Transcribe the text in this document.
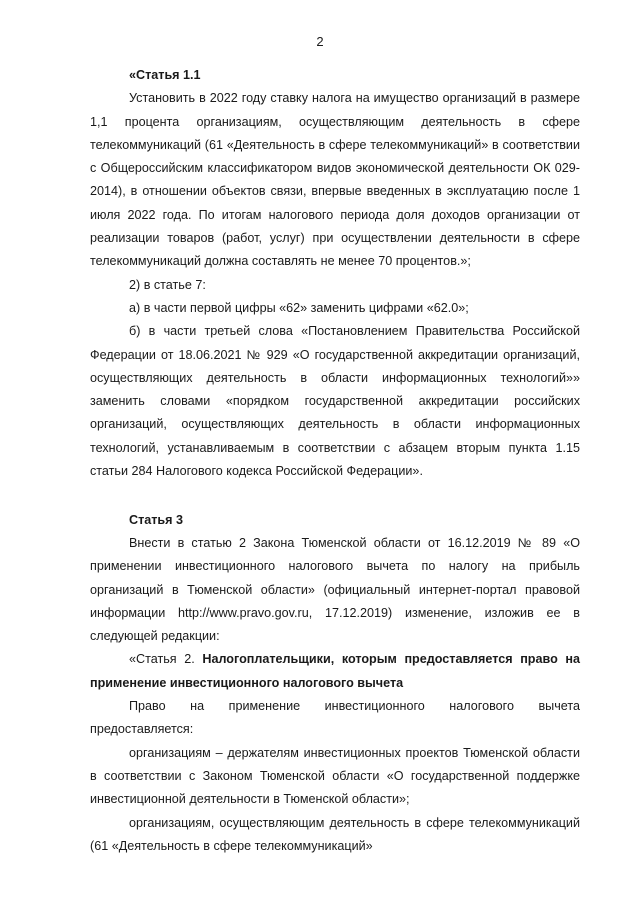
2

«Статья 1.1

Установить в 2022 году ставку налога на имущество организаций в размере 1,1 процента организациям, осуществляющим деятельность в сфере телекоммуникаций (61 «Деятельность в сфере телекоммуникаций» в соответствии с Общероссийским классификатором видов экономической деятельности ОК 029-2014), в отношении объектов связи, впервые введенных в эксплуатацию после 1 июля 2022 года. По итогам налогового периода доля доходов организации от реализации товаров (работ, услуг) при осуществлении деятельности в сфере телекоммуникаций должна составлять не менее 70 процентов.»;

2) в статье 7:

а) в части первой цифры «62» заменить цифрами «62.0»;

б) в части третьей слова «Постановлением Правительства Российской Федерации от 18.06.2021 № 929 «О государственной аккредитации организаций, осуществляющих деятельность в области информационных технологий»» заменить словами «порядком государственной аккредитации российских организаций, осуществляющих деятельность в области информационных технологий, устанавливаемым в соответствии с абзацем вторым пункта 1.15 статьи 284 Налогового кодекса Российской Федерации».

Статья 3

Внести в статью 2 Закона Тюменской области от 16.12.2019 № 89 «О применении инвестиционного налогового вычета по налогу на прибыль организаций в Тюменской области» (официальный интернет-портал правовой информации http://www.pravo.gov.ru, 17.12.2019) изменение, изложив ее в следующей редакции:

«Статья 2. Налогоплательщики, которым предоставляется право на применение инвестиционного налогового вычета

Право на применение инвестиционного налогового вычета предоставляется:

организациям – держателям инвестиционных проектов Тюменской области в соответствии с Законом Тюменской области «О государственной поддержке инвестиционной деятельности в Тюменской области»;

организациям, осуществляющим деятельность в сфере телекоммуникаций (61 «Деятельность в сфере телекоммуникаций»
